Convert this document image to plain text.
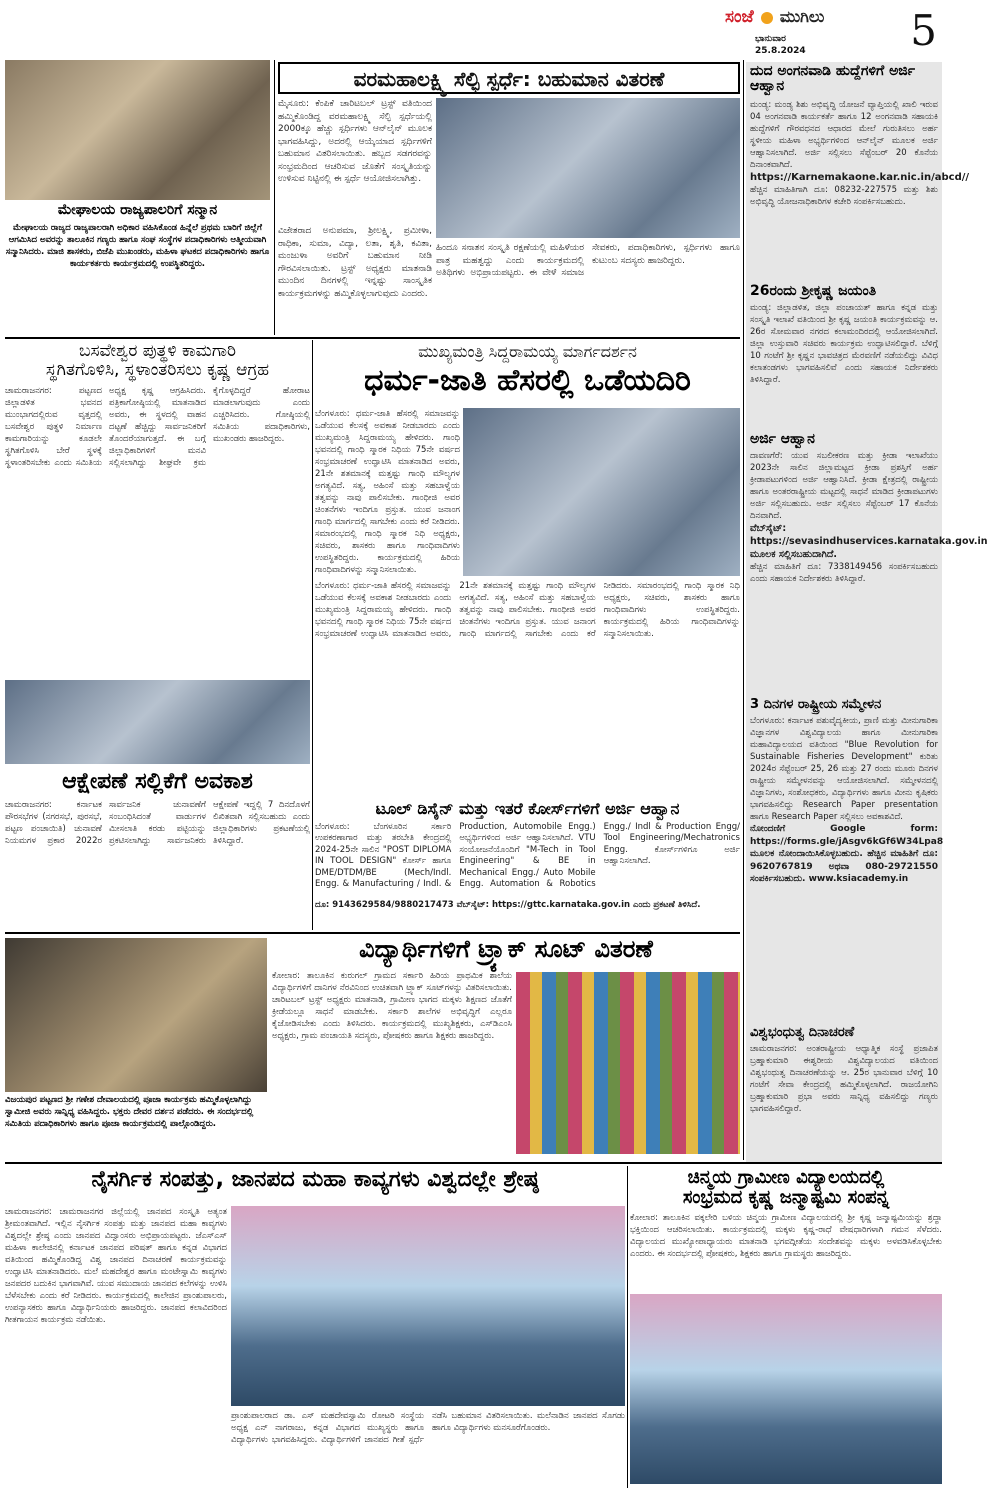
ಸಂಜೆ ಮುಗಿಲು
ಭಾನುವಾರ
25.8.2024 5
ಮೇಘಾಲಯ ರಾಜ್ಯಪಾಲರಿಗೆ ಸನ್ಮಾನ
ಮೇಘಾಲಯ ರಾಜ್ಯದ ರಾಜ್ಯಪಾಲರಾಗಿ ಅಧಿಕಾರ ವಹಿಸಿಕೊಂಡ ಹಿನ್ನೆಲೆ ಪ್ರಥಮ ಬಾರಿಗೆ ಜಿಲ್ಲೆಗೆ ಆಗಮಿಸಿದ ಅವರನ್ನು ತಾಲೂಕಿನ ಗಣ್ಯರು ಹಾಗೂ ಸಂಘ ಸಂಸ್ಥೆಗಳ ಪದಾಧಿಕಾರಿಗಳು ಆತ್ಮೀಯವಾಗಿ ಸನ್ಮಾನಿಸಿದರು. ಮಾಜಿ ಶಾಸಕರು, ಬಿಜೆಪಿ ಮುಖಂಡರು, ಮಹಿಳಾ ಘಟಕದ ಪದಾಧಿಕಾರಿಗಳು ಹಾಗೂ ಕಾರ್ಯಕರ್ತರು ಕಾರ್ಯಕ್ರಮದಲ್ಲಿ ಉಪಸ್ಥಿತರಿದ್ದರು.
ವರಮಹಾಲಕ್ಷ್ಮಿ ಸೆಲ್ಫಿ ಸ್ಪರ್ಧೆ: ಬಹುಮಾನ ವಿತರಣೆ
ಮೈಸೂರು: ಕೆಂಪಿಕೆ ಚಾರಿಟಬಲ್ ಟ್ರಸ್ಟ್ ವತಿಯಿಂದ ಹಮ್ಮಿಕೊಂಡಿದ್ದ ವರಮಹಾಲಕ್ಷ್ಮಿ ಸೆಲ್ಫಿ ಸ್ಪರ್ಧೆಯಲ್ಲಿ 2000ಕ್ಕೂ ಹೆಚ್ಚು ಸ್ಪರ್ಧಿಗಳು ಆನ್‌ಲೈನ್ ಮೂಲಕ ಭಾಗವಹಿಸಿದ್ದು, ಅದರಲ್ಲಿ ಆಯ್ಕೆಯಾದ ಸ್ಪರ್ಧಿಗಳಿಗೆ ಬಹುಮಾನ ವಿತರಿಸಲಾಯಿತು. ಹಬ್ಬದ ಸಡಗರವನ್ನು ಸಂಭ್ರಮದಿಂದ ಆಚರಿಸುವ ಜೊತೆಗೆ ಸಂಸ್ಕೃತಿಯನ್ನು ಉಳಿಸುವ ನಿಟ್ಟಿನಲ್ಲಿ ಈ ಸ್ಪರ್ಧೆ ಆಯೋಜಿಸಲಾಗಿತ್ತು.
ವಿಜೇತರಾದ ಅನುಪಮಾ, ಶ್ರೀಲಕ್ಷ್ಮಿ, ಪ್ರಮೀಳಾ, ರಾಧಿಕಾ, ಸುಮಾ, ವಿದ್ಯಾ, ಲತಾ, ಶೃತಿ, ಕವಿತಾ, ಮಂಜುಳಾ ಅವರಿಗೆ ಬಹುಮಾನ ನೀಡಿ ಗೌರವಿಸಲಾಯಿತು. ಟ್ರಸ್ಟ್ ಅಧ್ಯಕ್ಷರು ಮಾತನಾಡಿ ಮುಂದಿನ ದಿನಗಳಲ್ಲಿ ಇನ್ನಷ್ಟು ಸಾಂಸ್ಕೃತಿಕ ಕಾರ್ಯಕ್ರಮಗಳನ್ನು ಹಮ್ಮಿಕೊಳ್ಳಲಾಗುವುದು ಎಂದರು.
ಹಿಂದೂ ಸನಾತನ ಸಂಸ್ಕೃತಿ ರಕ್ಷಣೆಯಲ್ಲಿ ಮಹಿಳೆಯರ ಪಾತ್ರ ಮಹತ್ವದ್ದು ಎಂದು ಕಾರ್ಯಕ್ರಮದಲ್ಲಿ ಅತಿಥಿಗಳು ಅಭಿಪ್ರಾಯಪಟ್ಟರು. ಈ ವೇಳೆ ಸಮಾಜ ಸೇವಕರು, ಪದಾಧಿಕಾರಿಗಳು, ಸ್ಪರ್ಧಿಗಳು ಹಾಗೂ ಕುಟುಂಬ ಸದಸ್ಯರು ಹಾಜರಿದ್ದರು.
ದುದ ಅಂಗನವಾಡಿ ಹುದ್ದೆಗಳಿಗೆ ಅರ್ಜಿ ಆಹ್ವಾನ
ಮಂಡ್ಯ: ಮಂಡ್ಯ ಶಿಶು ಅಭಿವೃದ್ಧಿ ಯೋಜನೆ ವ್ಯಾಪ್ತಿಯಲ್ಲಿ ಖಾಲಿ ಇರುವ 04 ಅಂಗನವಾಡಿ ಕಾರ್ಯಕರ್ತೆ ಹಾಗೂ 12 ಅಂಗನವಾಡಿ ಸಹಾಯಕಿ ಹುದ್ದೆಗಳಿಗೆ ಗೌರವಧನದ ಆಧಾರದ ಮೇಲೆ ಗುರುತಿಸಲು ಅರ್ಹ ಸ್ಥಳೀಯ ಮಹಿಳಾ ಅಭ್ಯರ್ಥಿಗಳಿಂದ ಆನ್‌ಲೈನ್ ಮೂಲಕ ಅರ್ಜಿ ಆಹ್ವಾನಿಸಲಾಗಿದೆ. ಅರ್ಜಿ ಸಲ್ಲಿಸಲು ಸೆಪ್ಟೆಂಬರ್ 20 ಕೊನೆಯ ದಿನಾಂಕವಾಗಿದೆ.
https://Karnemakaone.kar.nic.in/abcd//
ಹೆಚ್ಚಿನ ಮಾಹಿತಿಗಾಗಿ ದೂ: 08232-227575 ಮತ್ತು ಶಿಶು ಅಭಿವೃದ್ಧಿ ಯೋಜನಾಧಿಕಾರಿಗಳ ಕಚೇರಿ ಸಂಪರ್ಕಿಸಬಹುದು.
26ರಂದು ಶ್ರೀಕೃಷ್ಣ ಜಯಂತಿ
ಮಂಡ್ಯ: ಜಿಲ್ಲಾಡಳಿತ, ಜಿಲ್ಲಾ ಪಂಚಾಯತ್ ಹಾಗೂ ಕನ್ನಡ ಮತ್ತು ಸಂಸ್ಕೃತಿ ಇಲಾಖೆ ವತಿಯಿಂದ ಶ್ರೀ ಕೃಷ್ಣ ಜಯಂತಿ ಕಾರ್ಯಕ್ರಮವನ್ನು ಆ. 26ರ ಸೋಮವಾರ ನಗರದ ಕಲಾಮಂದಿರದಲ್ಲಿ ಆಯೋಜಿಸಲಾಗಿದೆ. ಜಿಲ್ಲಾ ಉಸ್ತುವಾರಿ ಸಚಿವರು ಕಾರ್ಯಕ್ರಮ ಉದ್ಘಾಟಿಸಲಿದ್ದಾರೆ. ಬೆಳಿಗ್ಗೆ 10 ಗಂಟೆಗೆ ಶ್ರೀ ಕೃಷ್ಣನ ಭಾವಚಿತ್ರದ ಮೆರವಣಿಗೆ ನಡೆಯಲಿದ್ದು ವಿವಿಧ ಕಲಾತಂಡಗಳು ಭಾಗವಹಿಸಲಿವೆ ಎಂದು ಸಹಾಯಕ ನಿರ್ದೇಶಕರು ತಿಳಿಸಿದ್ದಾರೆ.
ಅರ್ಜಿ ಆಹ್ವಾನ
ದಾವಣಗೆರೆ: ಯುವ ಸಬಲೀಕರಣ ಮತ್ತು ಕ್ರೀಡಾ ಇಲಾಖೆಯು 2023ನೇ ಸಾಲಿನ ಜಿಲ್ಲಾಮಟ್ಟದ ಕ್ರೀಡಾ ಪ್ರಶಸ್ತಿಗೆ ಅರ್ಹ ಕ್ರೀಡಾಪಟುಗಳಿಂದ ಅರ್ಜಿ ಆಹ್ವಾನಿಸಿದೆ. ಕ್ರೀಡಾ ಕ್ಷೇತ್ರದಲ್ಲಿ ರಾಷ್ಟ್ರೀಯ ಹಾಗೂ ಅಂತರರಾಷ್ಟ್ರೀಯ ಮಟ್ಟದಲ್ಲಿ ಸಾಧನೆ ಮಾಡಿದ ಕ್ರೀಡಾಪಟುಗಳು ಅರ್ಜಿ ಸಲ್ಲಿಸಬಹುದು. ಅರ್ಜಿ ಸಲ್ಲಿಸಲು ಸೆಪ್ಟೆಂಬರ್ 17 ಕೊನೆಯ ದಿನವಾಗಿದೆ.
ವೆಬ್‌ಸೈಟ್: https://sevasindhuservices.karnataka.gov.in ಮೂಲಕ ಸಲ್ಲಿಸಬಹುದಾಗಿದೆ.
ಹೆಚ್ಚಿನ ಮಾಹಿತಿಗೆ ದೂ: 7338149456 ಸಂಪರ್ಕಿಸಬಹುದು ಎಂದು ಸಹಾಯಕ ನಿರ್ದೇಶಕರು ತಿಳಿಸಿದ್ದಾರೆ.
3 ದಿನಗಳ ರಾಷ್ಟ್ರೀಯ ಸಮ್ಮೇಳನ
ಬೆಂಗಳೂರು: ಕರ್ನಾಟಕ ಪಶುವೈದ್ಯಕೀಯ, ಪ್ರಾಣಿ ಮತ್ತು ಮೀನುಗಾರಿಕಾ ವಿಜ್ಞಾನಗಳ ವಿಶ್ವವಿದ್ಯಾಲಯ ಹಾಗೂ ಮೀನುಗಾರಿಕಾ ಮಹಾವಿದ್ಯಾಲಯದ ವತಿಯಿಂದ "Blue Revolution for Sustainable Fisheries Development" ಕುರಿತು 2024ರ ಸೆಪ್ಟೆಂಬರ್ 25, 26 ಮತ್ತು 27 ರಂದು ಮೂರು ದಿನಗಳ ರಾಷ್ಟ್ರೀಯ ಸಮ್ಮೇಳನವನ್ನು ಆಯೋಜಿಸಲಾಗಿದೆ. ಸಮ್ಮೇಳನದಲ್ಲಿ ವಿಜ್ಞಾನಿಗಳು, ಸಂಶೋಧಕರು, ವಿದ್ಯಾರ್ಥಿಗಳು ಹಾಗೂ ಮೀನು ಕೃಷಿಕರು ಭಾಗವಹಿಸಲಿದ್ದು Research Paper presentation ಹಾಗೂ Research Paper ಸಲ್ಲಿಸಲು ಅವಕಾಶವಿದೆ.
ನೋಂದಣಿಗೆ Google form: https://forms.gle/jAsgv6kGf6W34Lpa8 ಮೂಲಕ ನೋಂದಾಯಿಸಿಕೊಳ್ಳಬಹುದು. ಹೆಚ್ಚಿನ ಮಾಹಿತಿಗೆ ದೂ: 9620767819 ಅಥವಾ 080-29721550 ಸಂಪರ್ಕಿಸಬಹುದು. www.ksiacademy.in
ವಿಶ್ವಭಂಧುತ್ವ ದಿನಾಚರಣೆ
ಚಾಮರಾಜನಗರ: ಅಂತರಾಷ್ಟ್ರೀಯ ಆಧ್ಯಾತ್ಮಿಕ ಸಂಸ್ಥೆ ಪ್ರಜಾಪಿತ ಬ್ರಹ್ಮಾಕುಮಾರಿ ಈಶ್ವರೀಯ ವಿಶ್ವವಿದ್ಯಾಲಯದ ವತಿಯಿಂದ ವಿಶ್ವಭಂಧುತ್ವ ದಿನಾಚರಣೆಯನ್ನು ಆ. 25ರ ಭಾನುವಾರ ಬೆಳಿಗ್ಗೆ 10 ಗಂಟೆಗೆ ಸೇವಾ ಕೇಂದ್ರದಲ್ಲಿ ಹಮ್ಮಿಕೊಳ್ಳಲಾಗಿದೆ. ರಾಜಯೋಗಿನಿ ಬ್ರಹ್ಮಾಕುಮಾರಿ ಪ್ರಭಾ ಅವರು ಸಾನ್ನಿಧ್ಯ ವಹಿಸಲಿದ್ದು ಗಣ್ಯರು ಭಾಗವಹಿಸಲಿದ್ದಾರೆ.
ಬಸವೇಶ್ವರ ಪುತ್ಥಳಿ ಕಾಮಗಾರಿ
ಸ್ಥಗಿತಗೊಳಿಸಿ, ಸ್ಥಳಾಂತರಿಸಲು ಕೃಷ್ಣ ಆಗ್ರಹ
ಚಾಮರಾಜನಗರ: ಪಟ್ಟಣದ ಜಿಲ್ಲಾಡಳಿತ ಭವನದ ಮುಂಭಾಗದಲ್ಲಿರುವ ವೃತ್ತದಲ್ಲಿ ಬಸವೇಶ್ವರ ಪುತ್ಥಳಿ ನಿರ್ಮಾಣ ಕಾಮಗಾರಿಯನ್ನು ಕೂಡಲೇ ಸ್ಥಗಿತಗೊಳಿಸಿ ಬೇರೆ ಸ್ಥಳಕ್ಕೆ ಸ್ಥಳಾಂತರಿಸಬೇಕು ಎಂದು ಸಮಿತಿಯ ಅಧ್ಯಕ್ಷ ಕೃಷ್ಣ ಆಗ್ರಹಿಸಿದರು. ಪತ್ರಿಕಾಗೋಷ್ಠಿಯಲ್ಲಿ ಮಾತನಾಡಿದ ಅವರು, ಈ ಸ್ಥಳದಲ್ಲಿ ವಾಹನ ದಟ್ಟಣೆ ಹೆಚ್ಚಿದ್ದು ಸಾರ್ವಜನಿಕರಿಗೆ ತೊಂದರೆಯಾಗುತ್ತದೆ. ಈ ಬಗ್ಗೆ ಜಿಲ್ಲಾಧಿಕಾರಿಗಳಿಗೆ ಮನವಿ ಸಲ್ಲಿಸಲಾಗಿದ್ದು ಶೀಘ್ರವೇ ಕ್ರಮ ಕೈಗೊಳ್ಳದಿದ್ದರೆ ಹೋರಾಟ ಮಾಡಲಾಗುವುದು ಎಂದು ಎಚ್ಚರಿಸಿದರು. ಗೋಷ್ಠಿಯಲ್ಲಿ ಸಮಿತಿಯ ಪದಾಧಿಕಾರಿಗಳು, ಮುಖಂಡರು ಹಾಜರಿದ್ದರು.
ಮುಖ್ಯಮಂತ್ರಿ ಸಿದ್ದರಾಮಯ್ಯ ಮಾರ್ಗದರ್ಶನ
ಧರ್ಮ-ಜಾತಿ ಹೆಸರಲ್ಲಿ ಒಡೆಯದಿರಿ
ಬೆಂಗಳೂರು: ಧರ್ಮ-ಜಾತಿ ಹೆಸರಲ್ಲಿ ಸಮಾಜವನ್ನು ಒಡೆಯುವ ಕೆಲಸಕ್ಕೆ ಅವಕಾಶ ನೀಡಬಾರದು ಎಂದು ಮುಖ್ಯಮಂತ್ರಿ ಸಿದ್ದರಾಮಯ್ಯ ಹೇಳಿದರು. ಗಾಂಧಿ ಭವನದಲ್ಲಿ ಗಾಂಧಿ ಸ್ಮಾರಕ ನಿಧಿಯ 75ನೇ ವರ್ಷದ ಸಂಭ್ರಮಾಚರಣೆ ಉದ್ಘಾಟಿಸಿ ಮಾತನಾಡಿದ ಅವರು, 21ನೇ ಶತಮಾನಕ್ಕೆ ಮತ್ತಷ್ಟು ಗಾಂಧಿ ಮೌಲ್ಯಗಳ ಅಗತ್ಯವಿದೆ. ಸತ್ಯ, ಅಹಿಂಸೆ ಮತ್ತು ಸಹಬಾಳ್ವೆಯ ತತ್ವವನ್ನು ನಾವು ಪಾಲಿಸಬೇಕು. ಗಾಂಧೀಜಿ ಅವರ ಚಿಂತನೆಗಳು ಇಂದಿಗೂ ಪ್ರಸ್ತುತ. ಯುವ ಜನಾಂಗ ಗಾಂಧಿ ಮಾರ್ಗದಲ್ಲಿ ಸಾಗಬೇಕು ಎಂದು ಕರೆ ನೀಡಿದರು. ಸಮಾರಂಭದಲ್ಲಿ ಗಾಂಧಿ ಸ್ಮಾರಕ ನಿಧಿ ಅಧ್ಯಕ್ಷರು, ಸಚಿವರು, ಶಾಸಕರು ಹಾಗೂ ಗಾಂಧಿವಾದಿಗಳು ಉಪಸ್ಥಿತರಿದ್ದರು. ಕಾರ್ಯಕ್ರಮದಲ್ಲಿ ಹಿರಿಯ ಗಾಂಧಿವಾದಿಗಳನ್ನು ಸನ್ಮಾನಿಸಲಾಯಿತು.
ಬೆಂಗಳೂರು: ಧರ್ಮ-ಜಾತಿ ಹೆಸರಲ್ಲಿ ಸಮಾಜವನ್ನು ಒಡೆಯುವ ಕೆಲಸಕ್ಕೆ ಅವಕಾಶ ನೀಡಬಾರದು ಎಂದು ಮುಖ್ಯಮಂತ್ರಿ ಸಿದ್ದರಾಮಯ್ಯ ಹೇಳಿದರು. ಗಾಂಧಿ ಭವನದಲ್ಲಿ ಗಾಂಧಿ ಸ್ಮಾರಕ ನಿಧಿಯ 75ನೇ ವರ್ಷದ ಸಂಭ್ರಮಾಚರಣೆ ಉದ್ಘಾಟಿಸಿ ಮಾತನಾಡಿದ ಅವರು, 21ನೇ ಶತಮಾನಕ್ಕೆ ಮತ್ತಷ್ಟು ಗಾಂಧಿ ಮೌಲ್ಯಗಳ ಅಗತ್ಯವಿದೆ. ಸತ್ಯ, ಅಹಿಂಸೆ ಮತ್ತು ಸಹಬಾಳ್ವೆಯ ತತ್ವವನ್ನು ನಾವು ಪಾಲಿಸಬೇಕು. ಗಾಂಧೀಜಿ ಅವರ ಚಿಂತನೆಗಳು ಇಂದಿಗೂ ಪ್ರಸ್ತುತ. ಯುವ ಜನಾಂಗ ಗಾಂಧಿ ಮಾರ್ಗದಲ್ಲಿ ಸಾಗಬೇಕು ಎಂದು ಕರೆ ನೀಡಿದರು. ಸಮಾರಂಭದಲ್ಲಿ ಗಾಂಧಿ ಸ್ಮಾರಕ ನಿಧಿ ಅಧ್ಯಕ್ಷರು, ಸಚಿವರು, ಶಾಸಕರು ಹಾಗೂ ಗಾಂಧಿವಾದಿಗಳು ಉಪಸ್ಥಿತರಿದ್ದರು. ಕಾರ್ಯಕ್ರಮದಲ್ಲಿ ಹಿರಿಯ ಗಾಂಧಿವಾದಿಗಳನ್ನು ಸನ್ಮಾನಿಸಲಾಯಿತು.
ಆಕ್ಷೇಪಣೆ ಸಲ್ಲಿಕೆಗೆ ಅವಕಾಶ
ಚಾಮರಾಜನಗರ: ಕರ್ನಾಟಕ ಪೌರಸಭೆಗಳ (ನಗರಸಭೆ, ಪುರಸಭೆ, ಪಟ್ಟಣ ಪಂಚಾಯಿತಿ) ಚುನಾವಣೆ ನಿಯಮಗಳ ಪ್ರಕಾರ 2022ರ ಸಾರ್ವಜನಿಕ ಚುನಾವಣೆಗೆ ಸಂಬಂಧಿಸಿದಂತೆ ವಾರ್ಡುಗಳ ಮೀಸಲಾತಿ ಕರಡು ಪಟ್ಟಿಯನ್ನು ಪ್ರಕಟಿಸಲಾಗಿದ್ದು ಸಾರ್ವಜನಿಕರು ಆಕ್ಷೇಪಣೆ ಇದ್ದಲ್ಲಿ 7 ದಿನದೊಳಗೆ ಲಿಖಿತವಾಗಿ ಸಲ್ಲಿಸಬಹುದು ಎಂದು ಜಿಲ್ಲಾಧಿಕಾರಿಗಳು ಪ್ರಕಟಣೆಯಲ್ಲಿ ತಿಳಿಸಿದ್ದಾರೆ.
ಟೂಲ್ ಡಿಸೈನ್ ಮತ್ತು ಇತರೆ ಕೋರ್ಸ್‌ಗಳಿಗೆ ಅರ್ಜಿ ಆಹ್ವಾನ
ಬೆಂಗಳೂರು: ಬೆಂಗಳೂರಿನ ಸರ್ಕಾರಿ ಉಪಕರಣಾಗಾರ ಮತ್ತು ತರಬೇತಿ ಕೇಂದ್ರದಲ್ಲಿ 2024-25ನೇ ಸಾಲಿನ "POST DIPLOMA IN TOOL DESIGN" ಕೋರ್ಸ್ ಹಾಗೂ DME/DTDM/BE (Mech/Indl. Engg. & Manufacturing / Indl. & Production, Automobile Engg.) ಅಭ್ಯರ್ಥಿಗಳಿಂದ ಅರ್ಜಿ ಆಹ್ವಾನಿಸಲಾಗಿದೆ. VTU ಸಂಯೋಜನೆಯೊಂದಿಗೆ "M-Tech in Tool Engineering" & BE in Mechanical Engg./ Auto Mobile Engg. Automation & Robotics Engg./ Indl & Production Engg/ Tool Engineering/Mechatronics Engg. ಕೋರ್ಸ್‌ಗಳಿಗೂ ಅರ್ಜಿ ಆಹ್ವಾನಿಸಲಾಗಿದೆ.
ದೂ: 9143629584/9880217473 ವೆಬ್‌ಸೈಟ್: https://gttc.karnataka.gov.in ಎಂದು ಪ್ರಕಟಣೆ ತಿಳಿಸಿದೆ.
ವಿಜಯಪುರ ಪಟ್ಟಣದ ಶ್ರೀ ಗಣೇಶ ದೇವಾಲಯದಲ್ಲಿ ಪೂಜಾ ಕಾರ್ಯಕ್ರಮ ಹಮ್ಮಿಕೊಳ್ಳಲಾಗಿದ್ದು ಸ್ವಾಮೀಜಿ ಅವರು ಸಾನ್ನಿಧ್ಯ ವಹಿಸಿದ್ದರು. ಭಕ್ತರು ದೇವರ ದರ್ಶನ ಪಡೆದರು. ಈ ಸಂದರ್ಭದಲ್ಲಿ ಸಮಿತಿಯ ಪದಾಧಿಕಾರಿಗಳು ಹಾಗೂ ಪೂಜಾ ಕಾರ್ಯಕ್ರಮದಲ್ಲಿ ಪಾಲ್ಗೊಂಡಿದ್ದರು.
ವಿದ್ಯಾರ್ಥಿಗಳಿಗೆ ಟ್ರ್ಯಾಕ್ ಸೂಟ್ ವಿತರಣೆ
ಕೋಲಾರ: ತಾಲೂಕಿನ ಕುರುಗಲ್ ಗ್ರಾಮದ ಸರ್ಕಾರಿ ಹಿರಿಯ ಪ್ರಾಥಮಿಕ ಶಾಲೆಯ ವಿದ್ಯಾರ್ಥಿಗಳಿಗೆ ದಾನಿಗಳ ನೆರವಿನಿಂದ ಉಚಿತವಾಗಿ ಟ್ರ್ಯಾಕ್ ಸೂಟ್‌ಗಳನ್ನು ವಿತರಿಸಲಾಯಿತು. ಚಾರಿಟಬಲ್ ಟ್ರಸ್ಟ್ ಅಧ್ಯಕ್ಷರು ಮಾತನಾಡಿ, ಗ್ರಾಮೀಣ ಭಾಗದ ಮಕ್ಕಳು ಶಿಕ್ಷಣದ ಜೊತೆಗೆ ಕ್ರೀಡೆಯಲ್ಲೂ ಸಾಧನೆ ಮಾಡಬೇಕು. ಸರ್ಕಾರಿ ಶಾಲೆಗಳ ಅಭಿವೃದ್ಧಿಗೆ ಎಲ್ಲರೂ ಕೈಜೋಡಿಸಬೇಕು ಎಂದು ತಿಳಿಸಿದರು. ಕಾರ್ಯಕ್ರಮದಲ್ಲಿ ಮುಖ್ಯಶಿಕ್ಷಕರು, ಎಸ್‌ಡಿಎಂಸಿ ಅಧ್ಯಕ್ಷರು, ಗ್ರಾಮ ಪಂಚಾಯತಿ ಸದಸ್ಯರು, ಪೋಷಕರು ಹಾಗೂ ಶಿಕ್ಷಕರು ಹಾಜರಿದ್ದರು.
ನೈಸರ್ಗಿಕ ಸಂಪತ್ತು, ಜಾನಪದ ಮಹಾ ಕಾವ್ಯಗಳು ವಿಶ್ವದಲ್ಲೇ ಶ್ರೇಷ್ಠ
ಚಾಮರಾಜನಗರ: ಚಾಮರಾಜನಗರ ಜಿಲ್ಲೆಯಲ್ಲಿ ಜಾನಪದ ಸಂಸ್ಕೃತಿ ಅತ್ಯಂತ ಶ್ರೀಮಂತವಾಗಿದೆ. ಇಲ್ಲಿನ ನೈಸರ್ಗಿಕ ಸಂಪತ್ತು ಮತ್ತು ಜಾನಪದ ಮಹಾ ಕಾವ್ಯಗಳು ವಿಶ್ವದಲ್ಲೇ ಶ್ರೇಷ್ಠ ಎಂದು ಜಾನಪದ ವಿದ್ವಾಂಸರು ಅಭಿಪ್ರಾಯಪಟ್ಟರು. ಜೆಎಸ್‌ಎಸ್ ಮಹಿಳಾ ಕಾಲೇಜಿನಲ್ಲಿ ಕರ್ನಾಟಕ ಜಾನಪದ ಪರಿಷತ್ ಹಾಗೂ ಕನ್ನಡ ವಿಭಾಗದ ವತಿಯಿಂದ ಹಮ್ಮಿಕೊಂಡಿದ್ದ ವಿಶ್ವ ಜಾನಪದ ದಿನಾಚರಣೆ ಕಾರ್ಯಕ್ರಮವನ್ನು ಉದ್ಘಾಟಿಸಿ ಮಾತನಾಡಿದರು. ಮಲೆ ಮಹದೇಶ್ವರ ಹಾಗೂ ಮಂಟೇಸ್ವಾಮಿ ಕಾವ್ಯಗಳು ಜನಪದರ ಬದುಕಿನ ಭಾಗವಾಗಿವೆ. ಯುವ ಸಮುದಾಯ ಜಾನಪದ ಕಲೆಗಳನ್ನು ಉಳಿಸಿ ಬೆಳೆಸಬೇಕು ಎಂದು ಕರೆ ನೀಡಿದರು. ಕಾರ್ಯಕ್ರಮದಲ್ಲಿ ಕಾಲೇಜಿನ ಪ್ರಾಂಶುಪಾಲರು, ಉಪನ್ಯಾಸಕರು ಹಾಗೂ ವಿದ್ಯಾರ್ಥಿನಿಯರು ಹಾಜರಿದ್ದರು. ಜಾನಪದ ಕಲಾವಿದರಿಂದ ಗೀತಗಾಯನ ಕಾರ್ಯಕ್ರಮ ನಡೆಯಿತು.
ಪ್ರಾಂಶುಪಾಲರಾದ ಡಾ. ಎಸ್ ಮಹದೇವಸ್ವಾಮಿ ರೋಟರಿ ಸಂಸ್ಥೆಯ ಅಧ್ಯಕ್ಷ ಎನ್ ನಾಗರಾಜು, ಕನ್ನಡ ವಿಭಾಗದ ಮುಖ್ಯಸ್ಥರು ಹಾಗೂ ವಿದ್ಯಾರ್ಥಿಗಳು ಭಾಗವಹಿಸಿದ್ದರು. ವಿದ್ಯಾರ್ಥಿಗಳಿಗೆ ಜಾನಪದ ಗೀತೆ ಸ್ಪರ್ಧೆ ನಡೆಸಿ ಬಹುಮಾನ ವಿತರಿಸಲಾಯಿತು. ಮಲೆನಾಡಿನ ಜಾನಪದ ಸೊಗಡು ಹಾಗೂ ವಿದ್ಯಾರ್ಥಿಗಳು ಮನಸೂರೆಗೊಂಡರು.
ಚಿನ್ಮಯ ಗ್ರಾಮೀಣ ವಿದ್ಯಾಲಯದಲ್ಲಿ
ಸಂಭ್ರಮದ ಕೃಷ್ಣ ಜನ್ಮಾಷ್ಟಮಿ ಸಂಪನ್ನ
ಕೋಲಾರ: ತಾಲೂಕಿನ ವಕ್ಕಲೇರಿ ಬಳಿಯ ಚಿನ್ಮಯ ಗ್ರಾಮೀಣ ವಿದ್ಯಾಲಯದಲ್ಲಿ ಶ್ರೀ ಕೃಷ್ಣ ಜನ್ಮಾಷ್ಟಮಿಯನ್ನು ಶ್ರದ್ಧಾ ಭಕ್ತಿಯಿಂದ ಆಚರಿಸಲಾಯಿತು. ಕಾರ್ಯಕ್ರಮದಲ್ಲಿ ಮಕ್ಕಳು ಕೃಷ್ಣ-ರಾಧೆ ವೇಷಧಾರಿಗಳಾಗಿ ಗಮನ ಸೆಳೆದರು. ವಿದ್ಯಾಲಯದ ಮುಖ್ಯೋಪಾಧ್ಯಾಯರು ಮಾತನಾಡಿ ಭಗವದ್ಗೀತೆಯ ಸಂದೇಶವನ್ನು ಮಕ್ಕಳು ಅಳವಡಿಸಿಕೊಳ್ಳಬೇಕು ಎಂದರು. ಈ ಸಂದರ್ಭದಲ್ಲಿ ಪೋಷಕರು, ಶಿಕ್ಷಕರು ಹಾಗೂ ಗ್ರಾಮಸ್ಥರು ಹಾಜರಿದ್ದರು.
